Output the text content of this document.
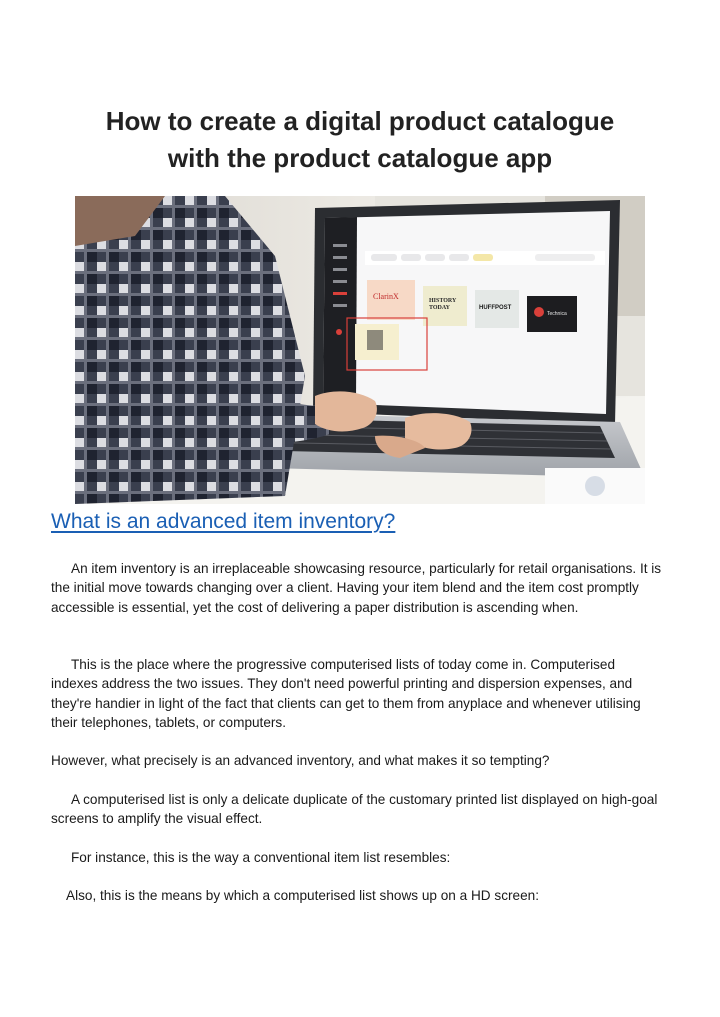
How to create a digital product catalogue
with the product catalogue app
ClarinX	HISTORY
TODAY	HUFFPOST
Technica
What is an advanced item inventory?

An item inventory is an irreplaceable showcasing resource, particularly for retail organisations. It is the initial move towards changing over a client. Having your item blend and the item cost promptly accessible is essential, yet the cost of delivering a paper distribution is ascending when.

This is the place where the progressive computerised lists of today come in. Computerised indexes address the two issues. They don't need powerful printing and dispersion expenses, and they're handier in light of the fact that clients can get to them from anyplace and whenever utilising their telephones, tablets, or computers.

However, what precisely is an advanced inventory, and what makes it so tempting?

A computerised list is only a delicate duplicate of the customary printed list displayed on high-goal screens to amplify the visual effect.

For instance, this is the way a conventional item list resembles:

Also, this is the means by which a computerised list shows up on a HD screen:
